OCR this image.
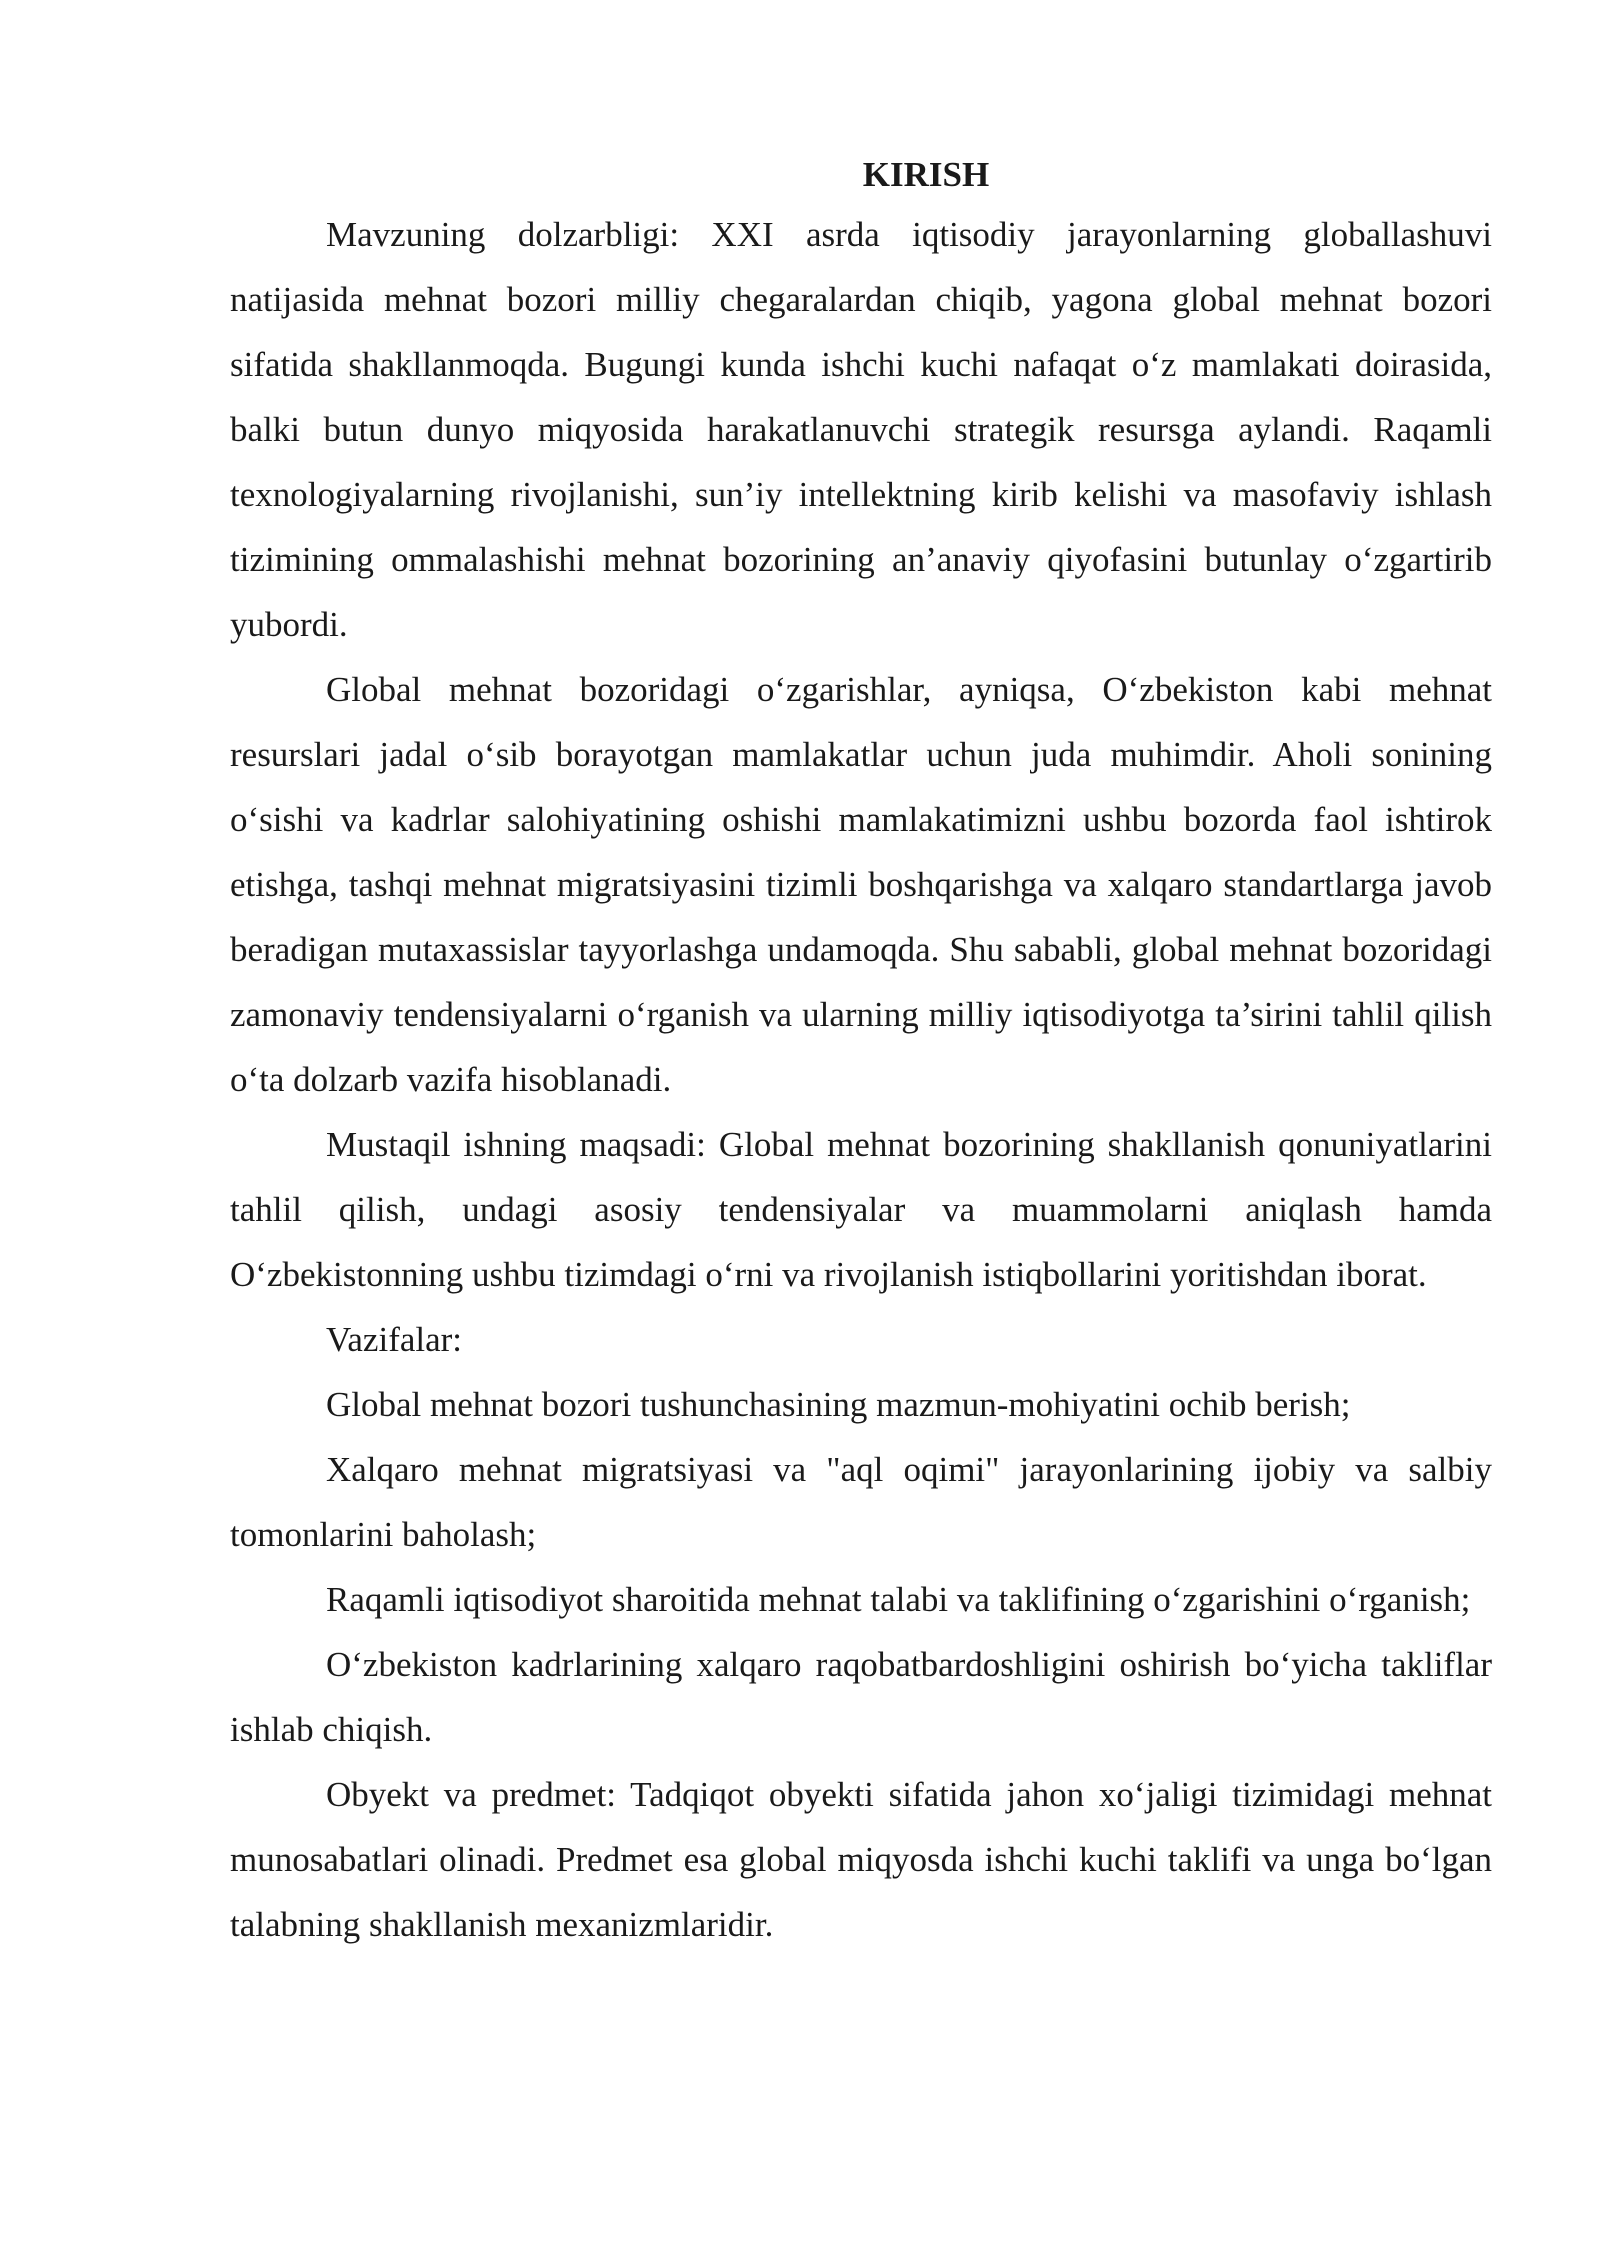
KIRISH

Mavzuning dolzarbligi: XXI asrda iqtisodiy jarayonlarning globallashuvi natijasida mehnat bozori milliy chegaralardan chiqib, yagona global mehnat bozori sifatida shakllanmoqda. Bugungi kunda ishchi kuchi nafaqat o‘z mamlakati doirasida, balki butun dunyo miqyosida harakatlanuvchi strategik resursga aylandi. Raqamli texnologiyalarning rivojlanishi, sun’iy intellektning kirib kelishi va masofaviy ishlash tizimining ommalashishi mehnat bozorining an’anaviy qiyofasini butunlay o‘zgartirib yubordi.

Global mehnat bozoridagi o‘zgarishlar, ayniqsa, O‘zbekiston kabi mehnat resurslari jadal o‘sib borayotgan mamlakatlar uchun juda muhimdir. Aholi sonining o‘sishi va kadrlar salohiyatining oshishi mamlakatimizni ushbu bozorda faol ishtirok etishga, tashqi mehnat migratsiyasini tizimli boshqarishga va xalqaro standartlarga javob beradigan mutaxassislar tayyorlashga undamoqda. Shu sababli, global mehnat bozoridagi zamonaviy tendensiyalarni o‘rganish va ularning milliy iqtisodiyotga ta’sirini tahlil qilish o‘ta dolzarb vazifa hisoblanadi.

Mustaqil ishning maqsadi: Global mehnat bozorining shakllanish qonuniyatlarini tahlil qilish, undagi asosiy tendensiyalar va muammolarni aniqlash hamda O‘zbekistonning ushbu tizimdagi o‘rni va rivojlanish istiqbollarini yoritishdan iborat.

Vazifalar:

Global mehnat bozori tushunchasining mazmun-mohiyatini ochib berish;

Xalqaro mehnat migratsiyasi va "aql oqimi" jarayonlarining ijobiy va salbiy tomonlarini baholash;

Raqamli iqtisodiyot sharoitida mehnat talabi va taklifining o‘zgarishini o‘rganish;

O‘zbekiston kadrlarining xalqaro raqobatbardoshligini oshirish bo‘yicha takliflar ishlab chiqish.

Obyekt va predmet: Tadqiqot obyekti sifatida jahon xo‘jaligi tizimidagi mehnat munosabatlari olinadi. Predmet esa global miqyosda ishchi kuchi taklifi va unga bo‘lgan talabning shakllanish mexanizmlaridir.
